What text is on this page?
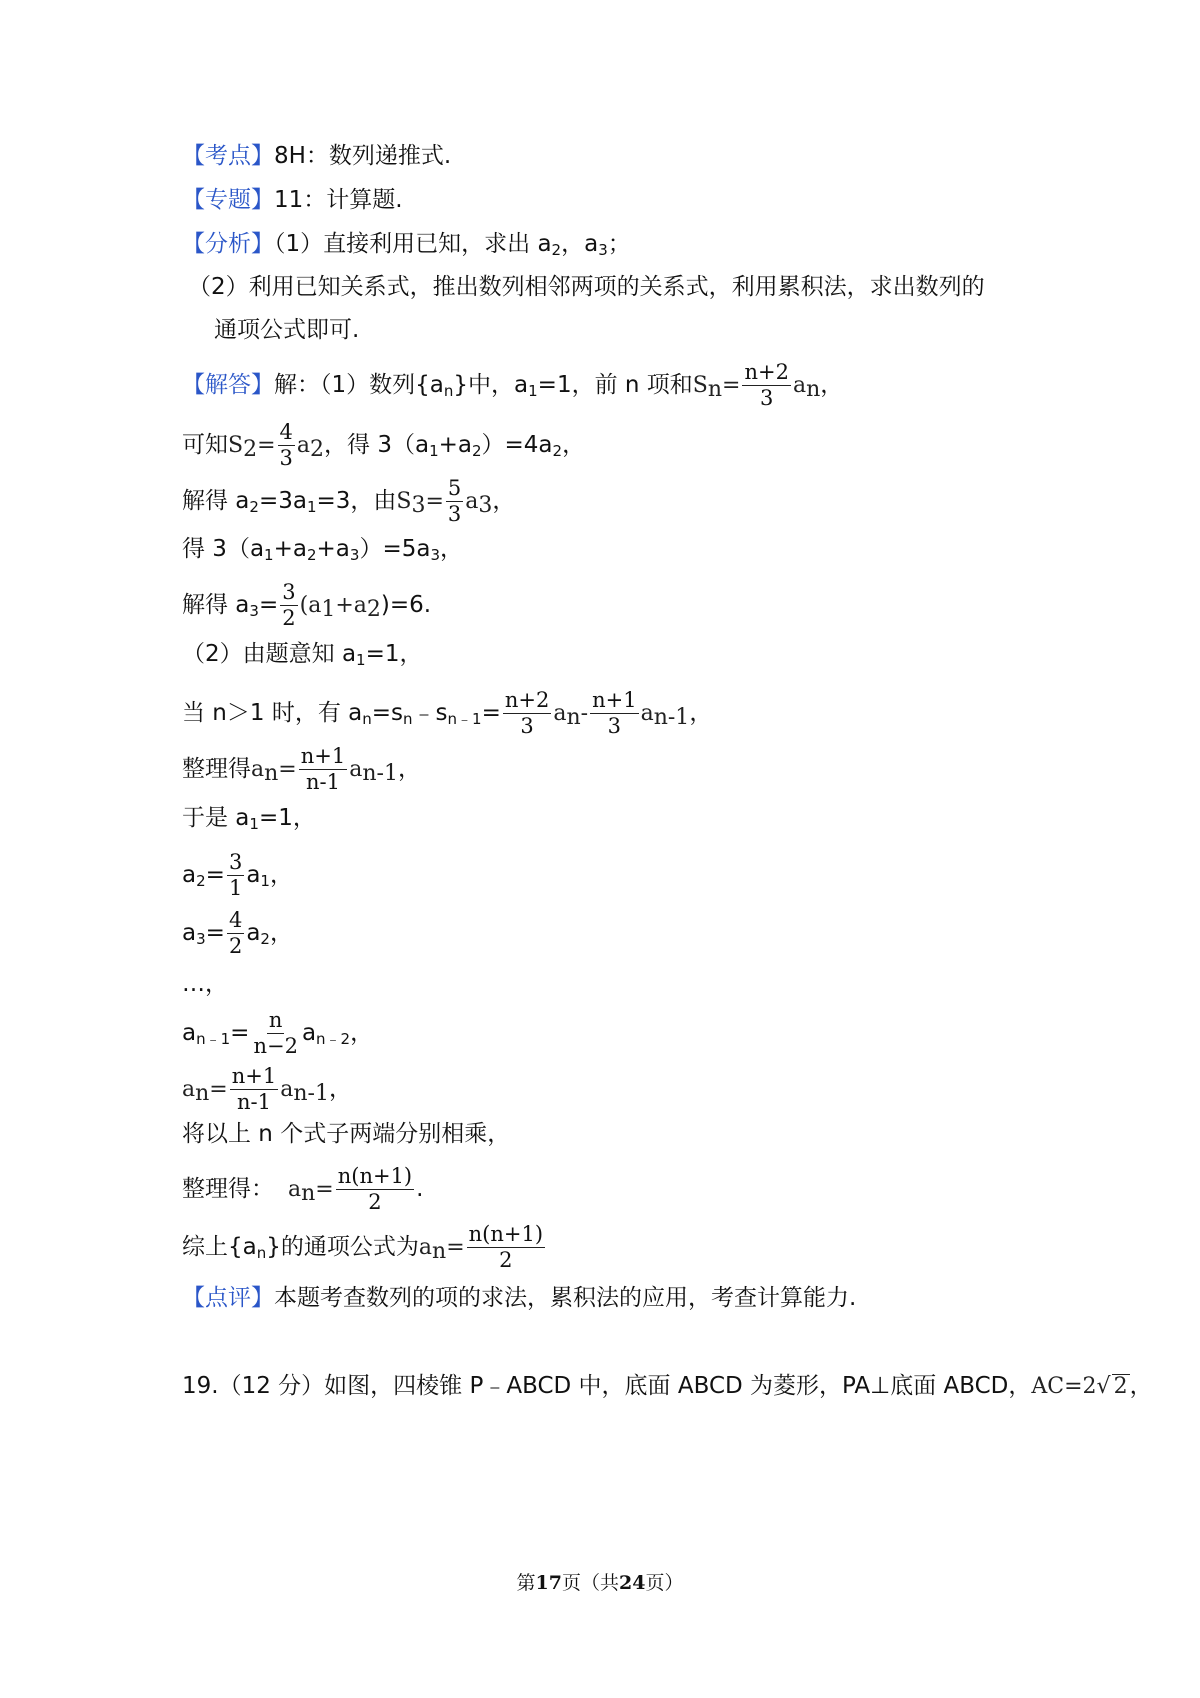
【考点】8H：数列递推式.
【专题】11：计算题.
【分析】（1）直接利用已知，求出 $a_2$，$a_3$；
（2）利用已知关系式，推出数列相邻两项的关系式，利用累积法，求出数列的
通项公式即可.
【解答】解：（1）数列$\{a_n\}$中，$a_1=1$，前 n 项和$S_n= \frac{n+2}{3} a_n$，
可知$S_2= \frac{4}{3} a_2$，得 $3(a_1+a_2)=4a_2$，
解得 $a_2=3a_1=3$，由$S_3= \frac{5}{3} a_3$，
得 $3(a_1+a_2+a_3)=5a_3$，
解得 $a_3= \frac{3}{2} (a_1+a_2)=6$.
（2）由题意知 $a_1=1$，
当 n＞1 时，有 $a_n=s_n﹣s_{n﹣1}= \frac{n+2}{3} a_n- \frac{n+1}{3} a_{n-1}$，
整理得$a_n= \frac{n+1}{n-1} a_{n-1}$，
于是 $a_1=1$，
$a_2= \frac{3}{1} a_1$，
$a_3= \frac{4}{2} a_2$，
…，
$a_{n﹣1}= \frac{n}{n-2} a_{n﹣2}$，
$a_n= \frac{n+1}{n-1} a_{n-1}$，
将以上 n 个式子两端分别相乘，
整理得： $a_n= \frac{n(n+1)}{2}$ .
综上$\{a_n\}$的通项公式为$a_n= \frac{n(n+1)}{2}$
【点评】本题考查数列的项的求法，累积法的应用，考查计算能力.
19.（12 分）如图，四棱锥 P﹣ABCD 中，底面 ABCD 为菱形，PA⊥底面 ABCD，AC=2√ 2，
第17页（共24页）
